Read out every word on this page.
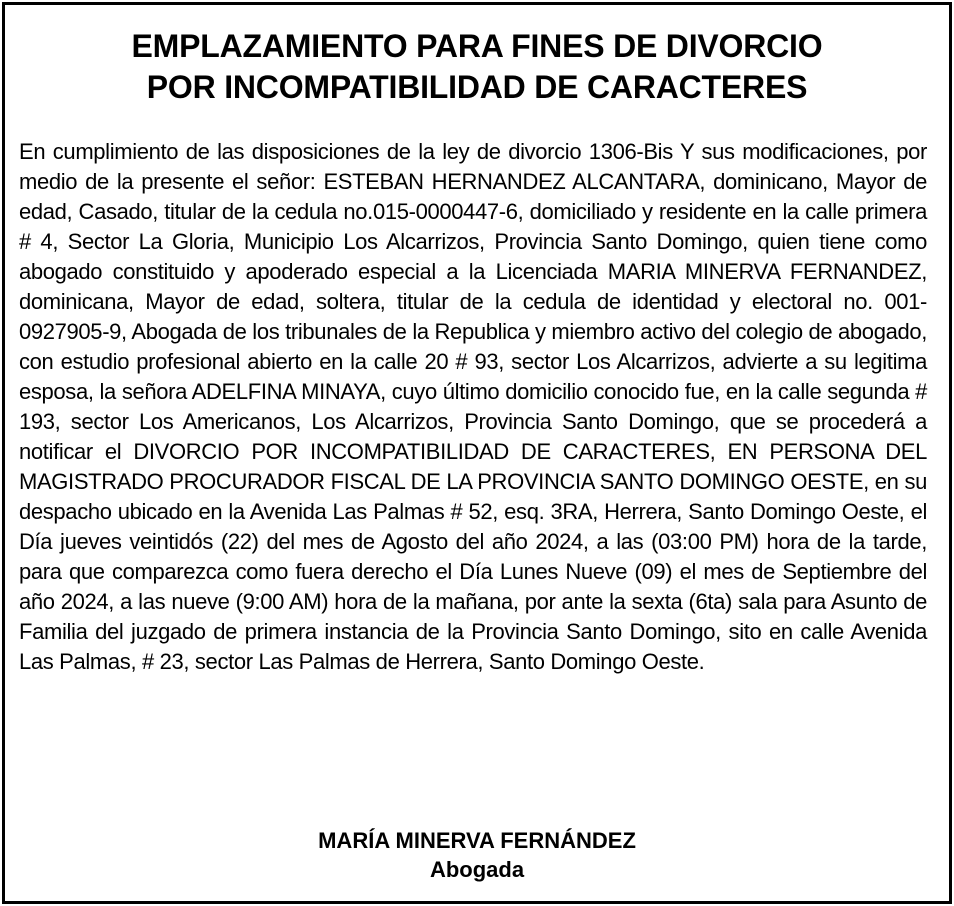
EMPLAZAMIENTO PARA FINES DE DIVORCIO
POR INCOMPATIBILIDAD DE CARACTERES

En cumplimiento de las disposiciones de la ley de divorcio 1306-Bis Y sus modificaciones, por medio de la presente el señor: ESTEBAN HERNANDEZ ALCANTARA, dominicano, Mayor de edad, Casado, titular de la cedula no.015-0000447-6, domiciliado y residente en la calle primera # 4, Sector La Gloria, Municipio Los Alcarrizos, Provincia Santo Domingo, quien tiene como abogado constituido y apoderado especial a la Licenciada MARIA MINERVA FERNANDEZ, dominicana, Mayor de edad, soltera, titular de la cedula de identidad y electoral no. 001-0927905-9, Abogada de los tribunales de la Republica y miembro activo del colegio de abogado, con estudio profesional abierto en la calle 20 # 93, sector Los Alcarrizos, advierte a su legitima esposa, la señora ADELFINA MINAYA, cuyo último domicilio conocido fue, en la calle segunda # 193, sector Los Americanos, Los Alcarrizos, Provincia Santo Domingo, que se procederá a notificar el DIVORCIO POR INCOMPATIBILIDAD DE CARACTERES, EN PERSONA DEL MAGISTRADO PROCURADOR FISCAL DE LA PROVINCIA SANTO DOMINGO OESTE, en su despacho ubicado en la Avenida Las Palmas # 52, esq. 3RA, Herrera, Santo Domingo Oeste, el Día jueves veintidós (22) del mes de Agosto del año 2024, a las (03:00 PM) hora de la tarde, para que comparezca como fuera derecho el Día Lunes Nueve (09) el mes de Septiembre del año 2024, a las nueve (9:00 AM) hora de la mañana, por ante la sexta (6ta) sala para Asunto de Familia del juzgado de primera instancia de la Provincia Santo Domingo, sito en calle Avenida Las Palmas, # 23, sector Las Palmas de Herrera, Santo Domingo Oeste.

MARÍA MINERVA FERNÁNDEZ
Abogada
